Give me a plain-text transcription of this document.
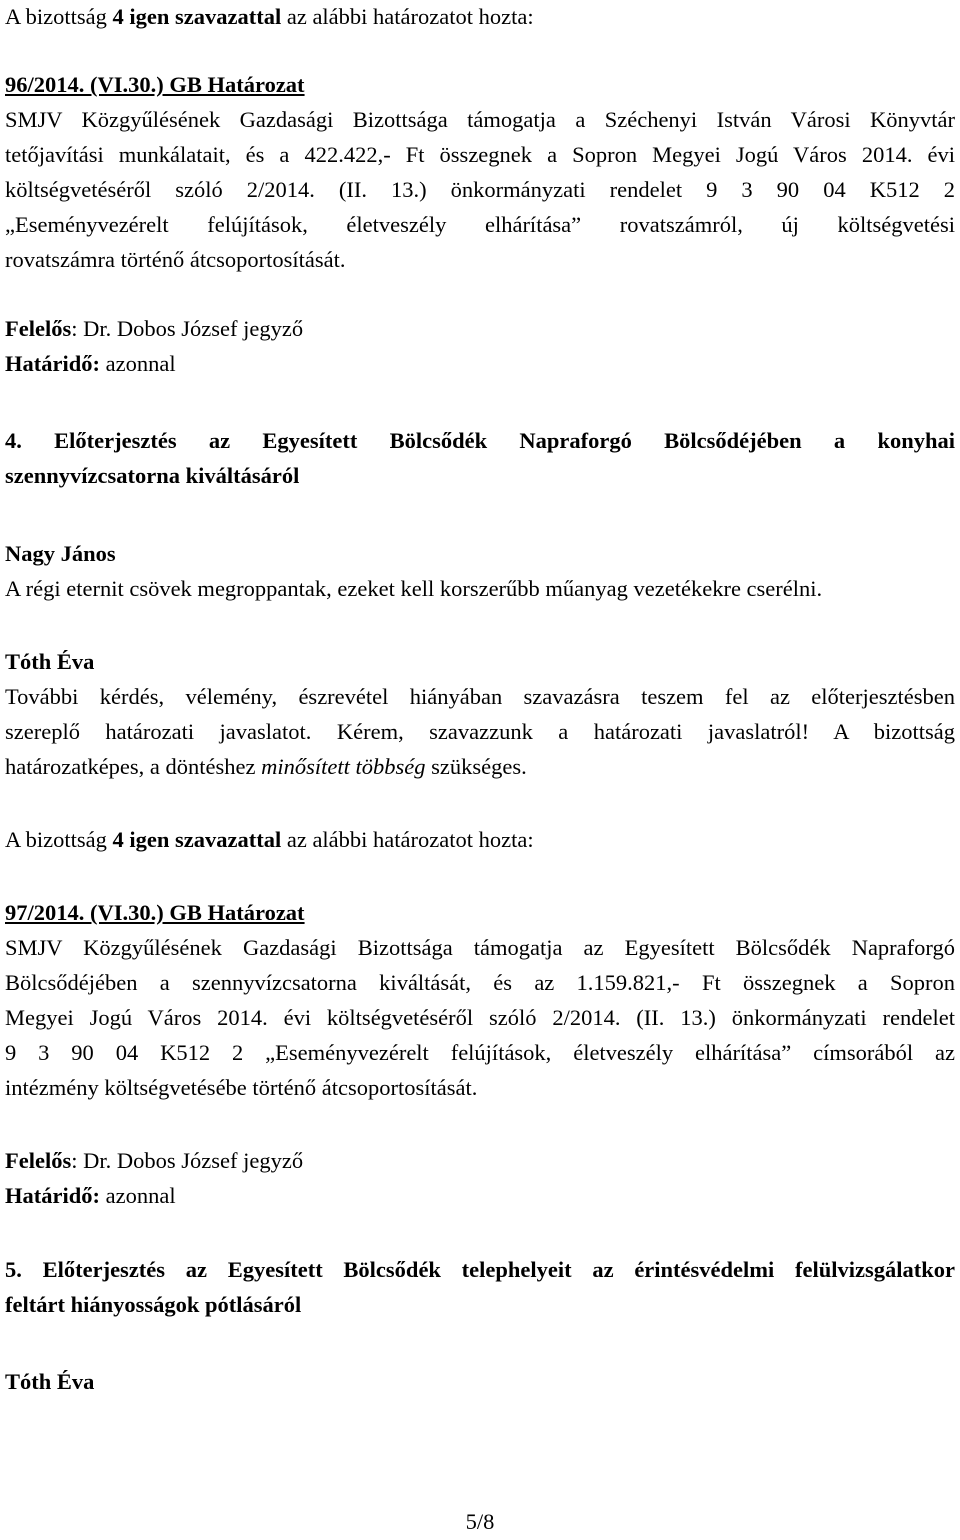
A bizottság 4 igen szavazattal az alábbi határozatot hozta:
96/2014. (VI.30.) GB Határozat
SMJV Közgyűlésének Gazdasági Bizottsága támogatja a Széchenyi István Városi Könyvtár
tetőjavítási munkálatait, és a 422.422,- Ft összegnek a Sopron Megyei Jogú Város 2014. évi
költségvetéséről szóló 2/2014. (II. 13.) önkormányzati rendelet 9 3 90 04 K512 2
„Eseményvezérelt felújítások, életveszély elhárítása” rovatszámról, új költségvetési
rovatszámra történő átcsoportosítását.
Felelős: Dr. Dobos József jegyző
Határidő: azonnal
4. Előterjesztés az Egyesített Bölcsődék Napraforgó Bölcsődéjében a konyhai
szennyvízcsatorna kiváltásáról
Nagy János
A régi eternit csövek megroppantak, ezeket kell korszerűbb műanyag vezetékekre cserélni.
Tóth Éva
További kérdés, vélemény, észrevétel hiányában szavazásra teszem fel az előterjesztésben
szereplő határozati javaslatot. Kérem, szavazzunk a határozati javaslatról! A bizottság
határozatképes, a döntéshez minősített többség szükséges.
A bizottság 4 igen szavazattal az alábbi határozatot hozta:
97/2014. (VI.30.) GB Határozat
SMJV Közgyűlésének Gazdasági Bizottsága támogatja az Egyesített Bölcsődék Napraforgó
Bölcsődéjében a szennyvízcsatorna kiváltását, és az 1.159.821,- Ft összegnek a Sopron
Megyei Jogú Város 2014. évi költségvetéséről szóló 2/2014. (II. 13.) önkormányzati rendelet
9 3 90 04 K512 2 „Eseményvezérelt felújítások, életveszély elhárítása” címsorából az
intézmény költségvetésébe történő átcsoportosítását.
Felelős: Dr. Dobos József jegyző
Határidő: azonnal
5. Előterjesztés az Egyesített Bölcsődék telephelyeit az érintésvédelmi felülvizsgálatkor
feltárt hiányosságok pótlásáról
Tóth Éva
5/8
